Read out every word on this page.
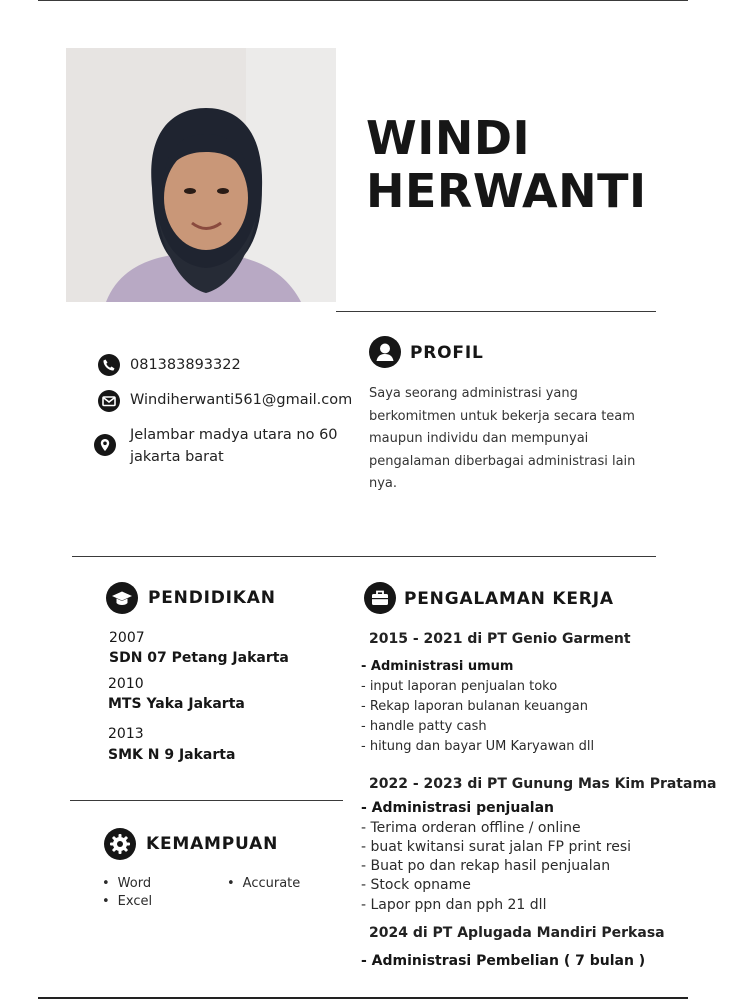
WINDI
HERWANTI
081383893322
Windiherwanti561@gmail.com
Jelambar madya utara no 60
jakarta barat
PROFIL
Saya seorang administrasi yang
berkomitmen untuk bekerja secara team
maupun individu dan mempunyai
pengalaman diberbagai administrasi lain
nya.
PENDIDIKAN
2007
SDN 07 Petang Jakarta
2010
MTS Yaka Jakarta
2013
SMK N 9 Jakarta
KEMAMPUAN
• Word
• Excel
• Accurate
PENGALAMAN KERJA
2015 - 2021 di PT Genio Garment
- Administrasi umum
- input laporan penjualan toko
- Rekap laporan bulanan keuangan
- handle patty cash
- hitung dan bayar UM Karyawan dll
2022 - 2023 di PT Gunung Mas Kim Pratama
- Administrasi penjualan
- Terima orderan offline / online
- buat kwitansi surat jalan FP print resi
- Buat po dan rekap hasil penjualan
- Stock opname
- Lapor ppn dan pph 21 dll
2024 di PT Aplugada Mandiri Perkasa
- Administrasi Pembelian ( 7 bulan )
